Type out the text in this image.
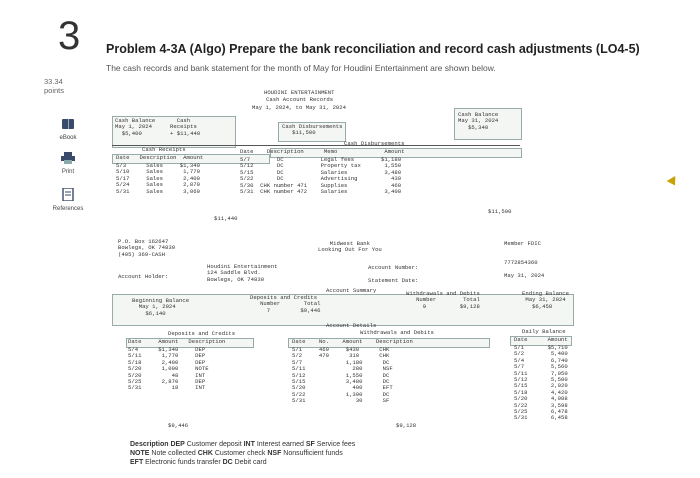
3
33.34
points
eBook
Print
References
Problem 4-3A (Algo) Prepare the bank reconciliation and record cash adjustments (LO4-5)
The cash records and bank statement for the month of May for Houdini Entertainment are shown below.
HOUDINI ENTERTAINMENT
Cash Account Records
May 1, 2024, to May 31, 2024
Cash Balance
May 1, 2024
$5,400
Cash
Receipts
+ $11,440
Cash Disbursements
$11,500
Cash Balance
May 31, 2024
$5,340
Cash Receipts
Cash Disbursements
Date   Description  Amount
5/3      Sales     $1,340
5/10     Sales      1,770
5/17     Sales      2,400
5/24     Sales      2,870
5/31     Sales      3,060
$11,440
Date    Description      Memo              Amount
5/7        DC           Legal fees        $1,180
5/12       DC           Property tax       1,550
5/15       DC           Salaries           3,480
5/22       DC           Advertising          430
5/30  CHK number 471    Supplies             460
5/31  CHK number 472    Salaries           3,400
$11,500
P.O. Box 162647
Bowlegs, OK 74830
(405) 369-CASH
Midwest Bank
Looking Out For You
Member FDIC
Account Holder:
Houdini Entertainment
124 Saddle Blvd.
Bowlegs, OK 74830
Account Number:

Statement Date:
7772854360

May 31, 2024
Account Summary
Beginning Balance
May 1, 2024
$6,140
Deposits and Credits
Number       Total
7         $9,446
Withdrawals and Debits
Number        Total
9          $9,128
Ending Balance
May 31, 2024
$6,458
Account Details
Deposits and Credits
Date     Amount   Description
5/4      $1,340     DEP
5/11      1,770     DEP
5/18      2,400     DEP
5/20      1,000     NOTE
5/20         48     INT
5/25      2,870     DEP
5/31         18     INT
$9,446
Withdrawals and Debits
Date    No.    Amount    Description
5/1     469     $430      CHK
5/2     470      310      CHK
5/7             1,180      DC
5/11              280      NSF
5/12            1,550      DC
5/15            3,480      DC
5/20              400      EFT
5/22            1,390      DC
5/31               30      SF
$9,128
Daily Balance
Date      Amount
5/1       $5,710
5/2        5,400
5/4        6,740
5/7        5,560
5/11       7,050
5/12       5,500
5/15       2,020
5/18       4,420
5/20       4,988
5/22       3,598
5/25       6,478
5/31       6,458
Description DEP Customer deposit INT Interest earned SF Service fees
NOTE Note collected CHK Customer check NSF Nonsufficient funds
EFT Electronic funds transfer DC Debit card
